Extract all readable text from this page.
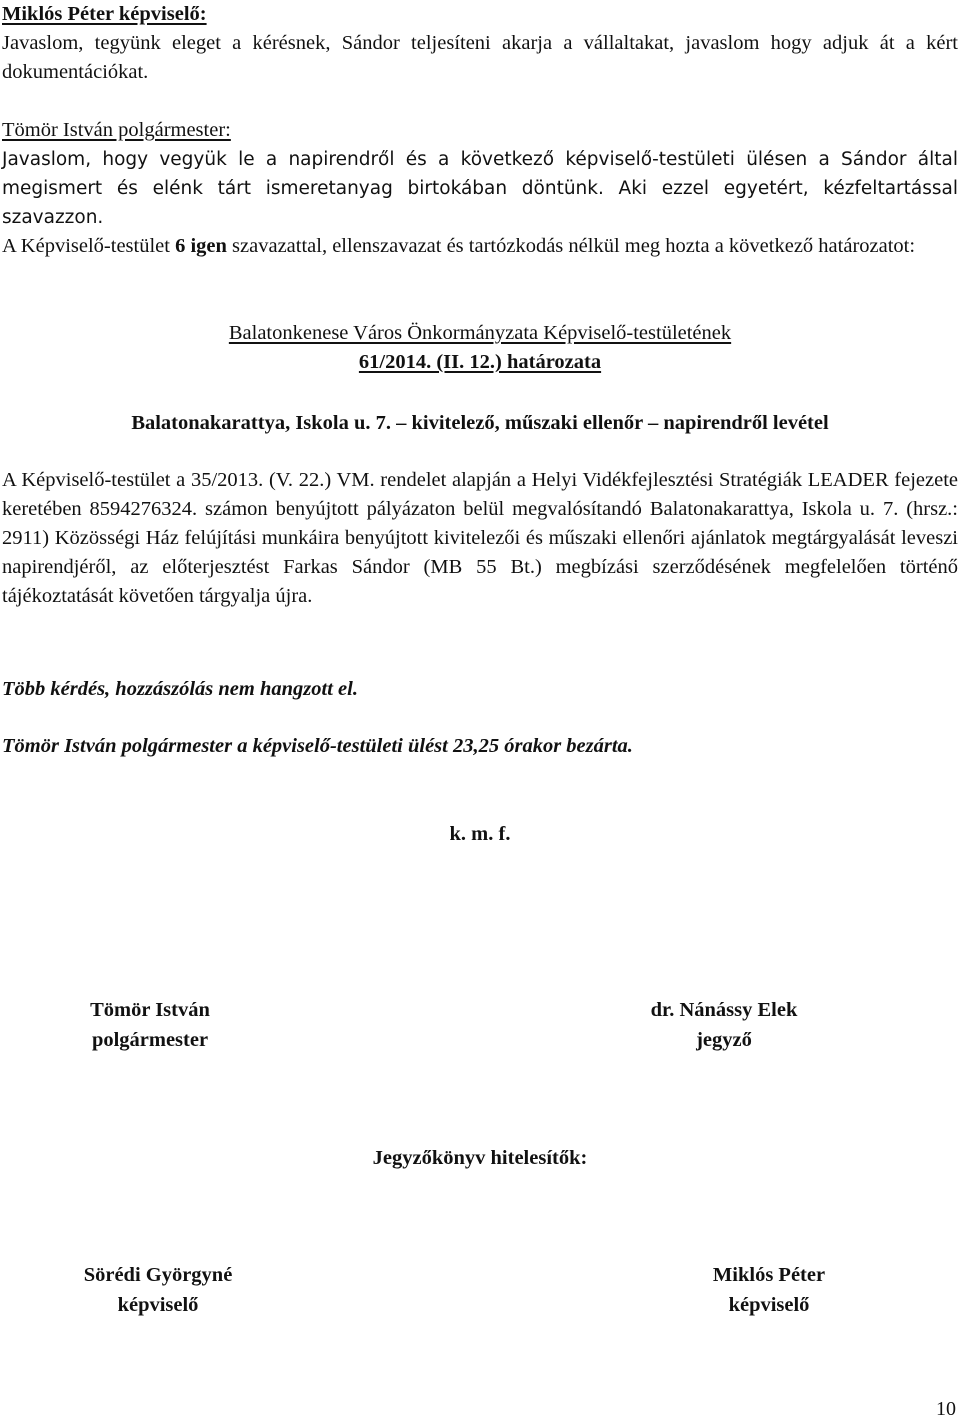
Miklós Péter képviselő:
Javaslom, tegyünk eleget a kérésnek, Sándor teljesíteni akarja a vállaltakat, javaslom hogy adjuk át a kért dokumentációkat.
Tömör István polgármester:
Javaslom, hogy vegyük le a napirendről és a következő képviselő-testületi ülésen a Sándor által megismert és elénk tárt ismeretanyag birtokában döntünk. Aki ezzel egyetért, kézfeltartással szavazzon.
A Képviselő-testület 6 igen szavazattal, ellenszavazat és tartózkodás nélkül meg hozta a következő határozatot:
Balatonkenese Város Önkormányzata Képviselő-testületének
61/2014. (II. 12.) határozata
Balatonakarattya, Iskola u. 7. – kivitelező, műszaki ellenőr – napirendről levétel
A Képviselő-testület a 35/2013. (V. 22.) VM. rendelet alapján a Helyi Vidékfejlesztési Stratégiák LEADER fejezete keretében 8594276324. számon benyújtott pályázaton belül megvalósítandó Balatonakarattya, Iskola u. 7. (hrsz.: 2911) Közösségi Ház felújítási munkáira benyújtott kivitelezői és műszaki ellenőri ajánlatok megtárgyalását leveszi napirendjéről, az előterjesztést Farkas Sándor (MB 55 Bt.) megbízási szerződésének megfelelően történő tájékoztatását követően tárgyalja újra.
Több kérdés, hozzászólás nem hangzott el.
Tömör István polgármester a képviselő-testületi ülést 23,25 órakor bezárta.
k. m. f.
Tömör István
polgármester
dr. Nánássy Elek
jegyző
Jegyzőkönyv hitelesítők:
Sörédi Györgyné
képviselő
Miklós Péter
képviselő
10
